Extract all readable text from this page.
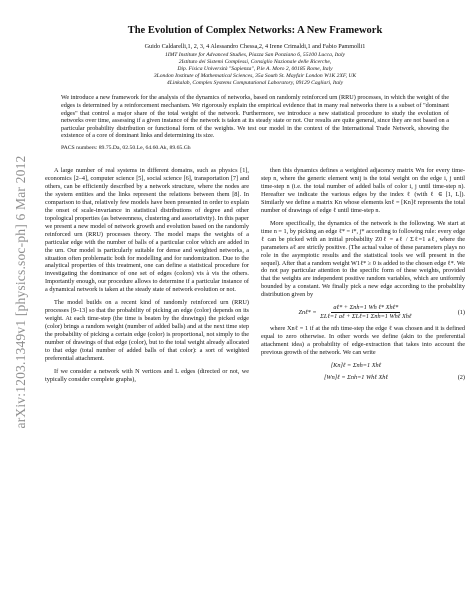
arXiv:1203.1349v1 [physics.soc-ph] 6 Mar 2012
The Evolution of Complex Networks: A New Framework
Guido Caldarelli,1, 2, 3, 4 Alessandro Chessa,2, 4 Irene Crimaldi,1 and Fabio Pammolli1
1IMT Institute for Advanced Studies, Piazza San Ponziano 6, 55100 Lucca, Italy
2Istituto dei Sistemi Complessi, Consiglio Nazionale delle Ricerche,
Dip. Fisica Università "Sapienza", P.le A. Moro 2, 00185 Rome, Italy
3London Institute of Mathematical Sciences, 35a South St. Mayfair London W1K 2XF, UK
4Linkalab, Complex Systems Computational Laboratory, 09129 Cagliari, Italy
We introduce a new framework for the analysis of the dynamics of networks, based on randomly reinforced urn (RRU) processes, in which the weight of the edges is determined by a reinforcement mechanism. We rigorously explain the empirical evidence that in many real networks there is a subset of "dominant edges" that control a major share of the total weight of the network. Furthermore, we introduce a new statistical procedure to study the evolution of networks over time, assessing if a given instance of the network is taken at its steady state or not. Our results are quite general, since they are not based on a particular probability distribution or functional form of the weights. We test our model in the context of the International Trade Network, showing the existence of a core of dominant links and determining its size.
PACS numbers: 89.75.Da, 02.50.Le, 64.60.Ak, 89.65.Gh

A large number of real systems in different domains, such as physics [1], economics [2–4], computer science [5], social science [6], transportation [7] and others, can be efficiently described by a network structure, where the nodes are the system entities and the links represent the relations between them [8]. In comparison to that, relatively few models have been presented in order to explain the onset of scale-invariance in statistical distributions of degree and other topological properties (as betweenness, clustering and assortativity). In this paper we present a new model of network growth and evolution based on the randomly reinforced urn (RRU) processes theory. The model maps the weights of a particular edge with the number of balls of a particular color which are added in the urn. Our model is particularly suitable for dense and weighted networks, a situation often problematic both for modelling and for randomization. Due to the analytical properties of this treatment, one can define a statistical procedure for investigating the dominance of one set of edges (colors) vis à vis the others. Importantly enough, our procedure allows to determine if a particular instance of a dynamical network is taken at the steady state of network evolution or not.

The model builds on a recent kind of randomly reinforced urn (RRU) processes [9–13] so that the probability of picking an edge (color) depends on its weight. At each time-step (the time is beaten by the drawings) the picked edge (color) brings a random weight (number of added balls) and at the next time step the probability of picking a certain edge (color) is proportional, not simply to the number of drawings of that edge (color), but to the total weight already allocated to that edge (total number of added balls of that color): a sort of weighted preferential attachment.

If we consider a network with N vertices and L edges (directed or not, we typically consider complete graphs),

then this dynamics defines a weighted adjacency matrix Wn for every time-step n, where the generic element wnij is the total weight on the edge i, j until time-step n (i.e. the total number of added balls of color i, j until time-step n). Hereafter we indicate the various edges by the index ℓ (with ℓ ∈ [1, L]). Similarly we define a matrix Kn whose elements knℓ = [Kn]ℓ represents the total number of drawings of edge ℓ until time-step n.

More specifically, the dynamics of the network is the following. We start at time n = 1, by picking an edge ℓ* = i*, j* according to following rule: every edge ℓ can be picked with an initial probability Z0ℓ = aℓ / Σℓ=1 aℓ, where the parameters aℓ are strictly positive. (The actual value of these parameters plays no role in the asymptotic results and the statistical tools we will present in the sequel). After that a random weight W1ℓ* ≥ 0 is added to the chosen edge ℓ*. We do not pay particular attention to the specific form of these weights, provided that the weights are independent positive random variables, which are uniformly bounded by a constant. We finally pick a new edge according to the probability distribution given by

Znℓ* = $\frac{\text{aℓ* + Σnh=1 Wh ℓ* Xhℓ*}}{\text{ΣLℓ=1 aℓ + ΣLℓ=1 Σnh=1 Whℓ Xhℓ}}$	(1)

where Xnℓ = 1 if at the nth time-step the edge ℓ was chosen and it is defined equal to zero otherwise. In other words we define (akin to the preferential attachment idea) a probability of edge-extraction that takes into account the previous growth of the network. We can write

[Kn]ℓ = Σnh=1 Xhℓ
[Wn]ℓ = Σnh=1 Whℓ Xhℓ	(2)
